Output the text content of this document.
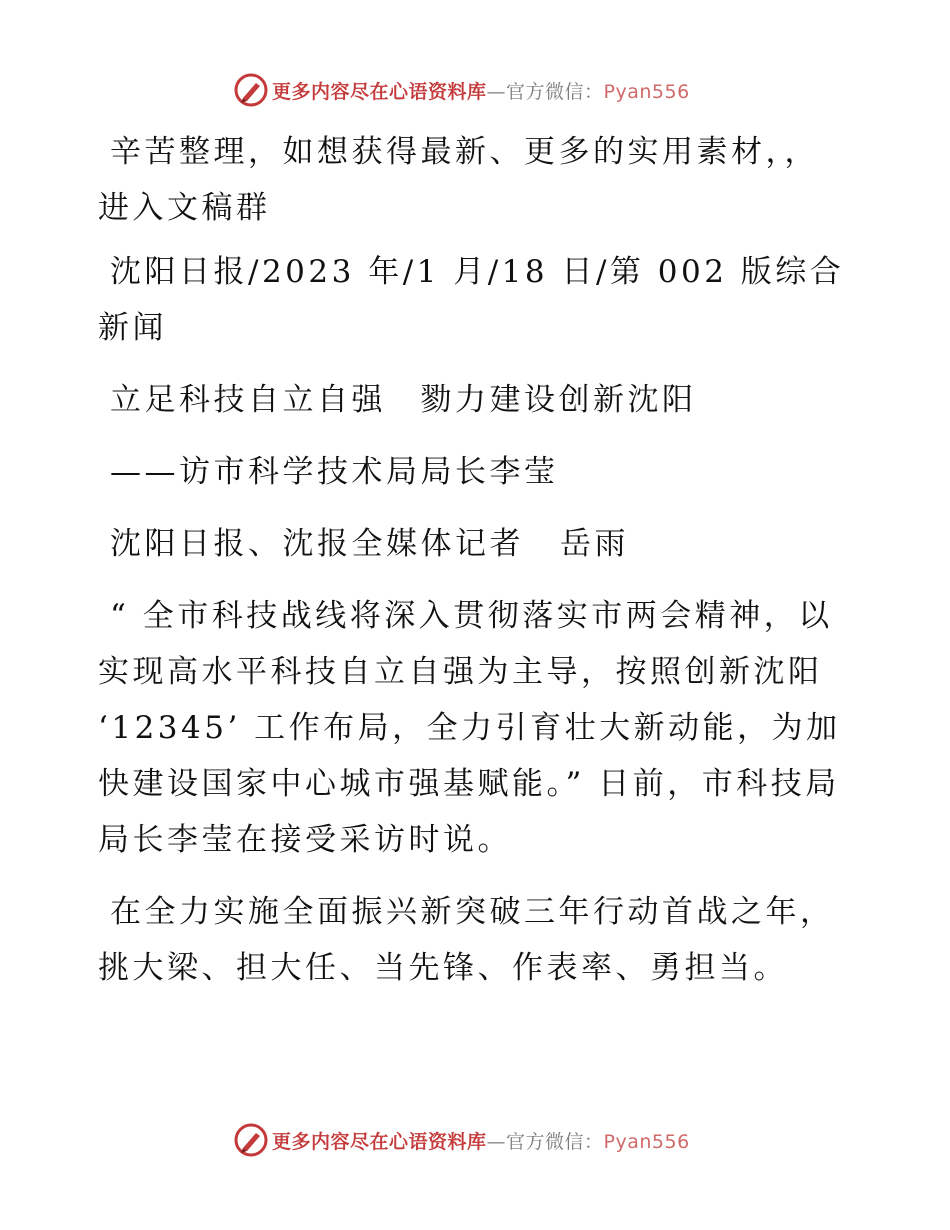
更多内容尽在心语资料库—官方微信：Pyan556

辛苦整理，如想获得最新、更多的实用素材，，
进入文稿群

沈阳日报/2023 年/1 月/18 日/第 002 版综合新闻

立足科技自立自强　勠力建设创新沈阳

——访市科学技术局局长李莹

沈阳日报、沈报全媒体记者 岳雨

“ 全市科技战线将深入贯彻落实市两会精神，以实现高水平科技自立自强为主导，按照创新沈阳 ‘12345’ 工作布局，全力引育壮大新动能，为加快建设国家中心城市强基赋能。” 日前，市科技局局长李莹在接受采访时说。

在全力实施全面振兴新突破三年行动首战之年，挑大梁、担大任、当先锋、作表率、勇担当。

更多内容尽在心语资料库—官方微信：Pyan556
